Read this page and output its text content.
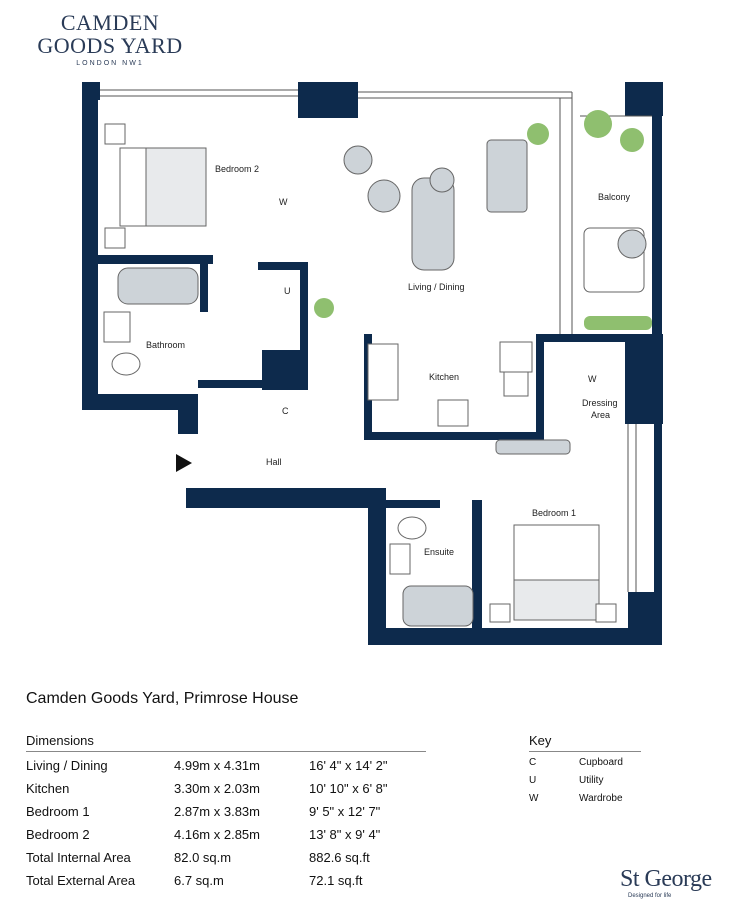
CAMDEN
GOODS YARD
LONDON NW1
Bedroom 2
Living / Dining
Balcony
Bathroom
Kitchen
Dressing
Area
Hall
Bedroom 1
Ensuite
W
W
U
C
Camden Goods Yard, Primrose House
Dimensions
Living / Dining	4.99m x 4.31m	16' 4" x 14' 2"
Kitchen	3.30m x 2.03m	10' 10" x 6' 8"
Bedroom 1	2.87m x 3.83m	9' 5" x 12' 7"
Bedroom 2	4.16m x 2.85m	13' 8" x 9' 4"
Total Internal Area	82.0 sq.m	882.6 sq.ft
Total External Area	6.7 sq.m	72.1 sq.ft
Key
C	Cupboard
U	Utility
W	Wardrobe
St George
Designed for life
